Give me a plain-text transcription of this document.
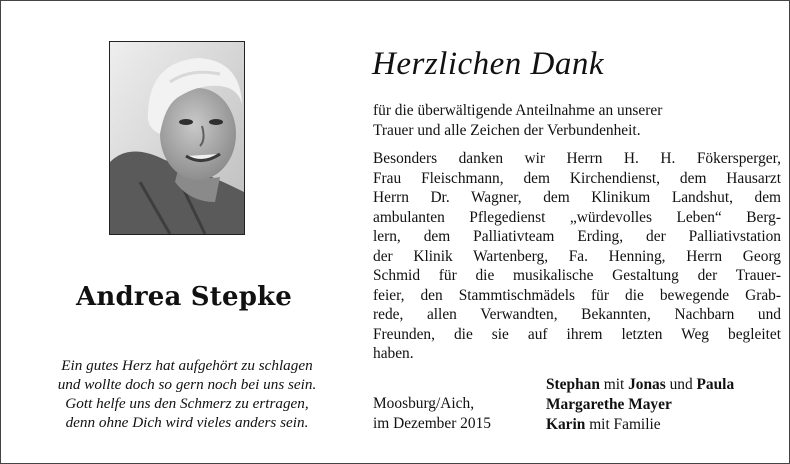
Andrea Stepke
Ein gutes Herz hat aufgehört zu schlagen
und wollte doch so gern noch bei uns sein.
Gott helfe uns den Schmerz zu ertragen,
denn ohne Dich wird vieles anders sein.
Herzlichen Dank
für die überwältigende Anteilnahme an unserer
Trauer und alle Zeichen der Verbundenheit.
Besonders danken wir Herrn H. H. Fökersperger,
Frau Fleischmann, dem Kirchendienst, dem Hausarzt
Herrn Dr. Wagner, dem Klinikum Landshut, dem
ambulanten Pflegedienst „würdevolles Leben“ Berg-
lern, dem Palliativteam Erding, der Palliativstation
der Klinik Wartenberg, Fa. Henning, Herrn Georg
Schmid für die musikalische Gestaltung der Trauer-
feier, den Stammtischmädels für die bewegende Grab-
rede, allen Verwandten, Bekannten, Nachbarn und
Freunden, die sie auf ihrem letzten Weg begleitet
haben.
Moosburg/Aich,
im Dezember 2015
Stephan mit Jonas und Paula
Margarethe Mayer
Karin mit Familie
